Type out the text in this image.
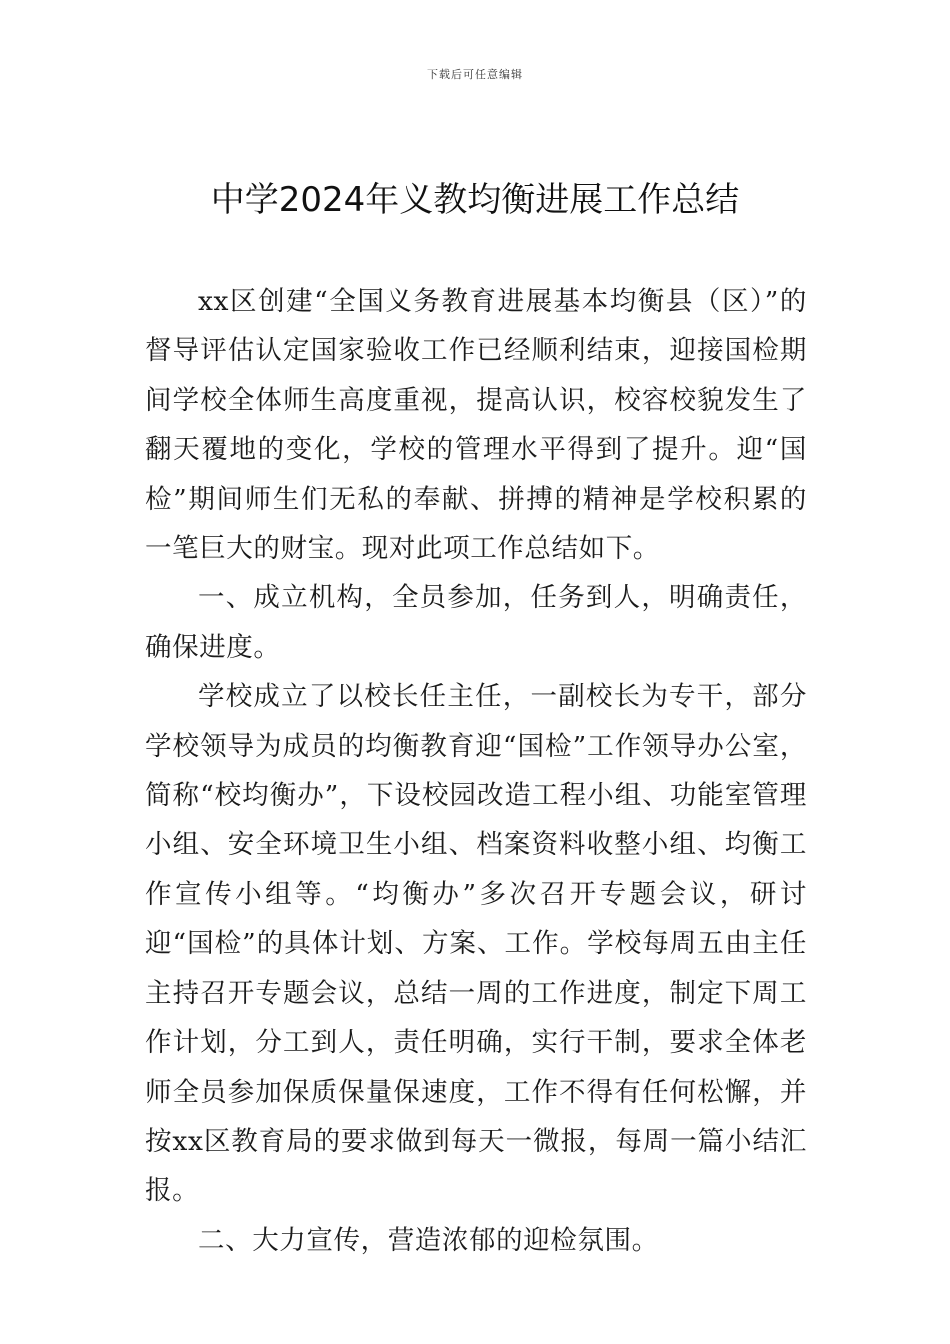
下载后可任意编辑
中学2024年义教均衡进展工作总结

xx区创建“全国义务教育进展基本均衡县（区）”的督导评估认定国家验收工作已经顺利结束，迎接国检期间学校全体师生高度重视，提高认识，校容校貌发生了翻天覆地的变化，学校的管理水平得到了提升。迎“国检”期间师生们无私的奉献、拼搏的精神是学校积累的一笔巨大的财宝。现对此项工作总结如下。

一、成立机构，全员参加，任务到人，明确责任，确保进度。

学校成立了以校长任主任，一副校长为专干，部分学校领导为成员的均衡教育迎“国检”工作领导办公室，简称“校均衡办”，下设校园改造工程小组、功能室管理小组、安全环境卫生小组、档案资料收整小组、均衡工作宣传小组等。“均衡办”多次召开专题会议，研讨迎“国检”的具体计划、方案、工作。学校每周五由主任主持召开专题会议，总结一周的工作进度，制定下周工作计划，分工到人，责任明确，实行干制，要求全体老师全员参加保质保量保速度，工作不得有任何松懈，并按xx区教育局的要求做到每天一微报，每周一篇小结汇报。

二、大力宣传，营造浓郁的迎检氛围。
